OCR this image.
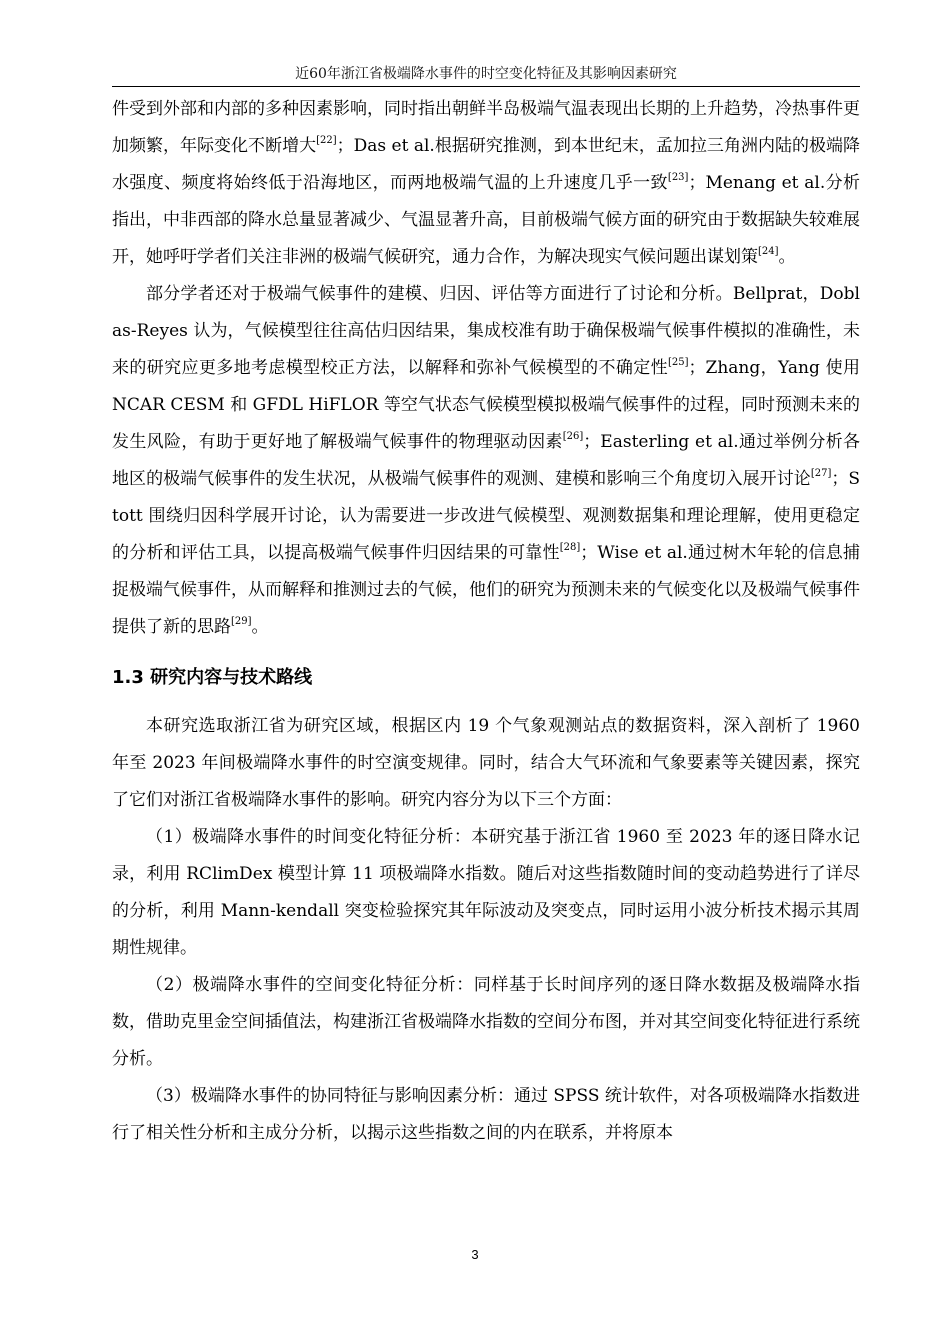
近60年浙江省极端降水事件的时空变化特征及其影响因素研究

件受到外部和内部的多种因素影响，同时指出朝鲜半岛极端气温表现出长期的上升趋势，冷热事件更加频繁，年际变化不断增大[22]；Das et al.根据研究推测，到本世纪末，孟加拉三角洲内陆的极端降水强度、频度将始终低于沿海地区，而两地极端气温的上升速度几乎一致[23]；Menang et al.分析指出，中非西部的降水总量显著减少、气温显著升高，目前极端气候方面的研究由于数据缺失较难展开，她呼吁学者们关注非洲的极端气候研究，通力合作，为解决现实气候问题出谋划策[24]。

部分学者还对于极端气候事件的建模、归因、评估等方面进行了讨论和分析。Bellprat，Doblas-Reyes 认为，气候模型往往高估归因结果，集成校准有助于确保极端气候事件模拟的准确性，未来的研究应更多地考虑模型校正方法，以解释和弥补气候模型的不确定性[25]；Zhang，Yang 使用 NCAR CESM 和 GFDL HiFLOR 等空气状态气候模型模拟极端气候事件的过程，同时预测未来的发生风险，有助于更好地了解极端气候事件的物理驱动因素[26]；Easterling et al.通过举例分析各地区的极端气候事件的发生状况，从极端气候事件的观测、建模和影响三个角度切入展开讨论[27]；Stott 围绕归因科学展开讨论，认为需要进一步改进气候模型、观测数据集和理论理解，使用更稳定的分析和评估工具，以提高极端气候事件归因结果的可靠性[28]；Wise et al.通过树木年轮的信息捕捉极端气候事件，从而解释和推测过去的气候，他们的研究为预测未来的气候变化以及极端气候事件提供了新的思路[29]。

1.3 研究内容与技术路线

本研究选取浙江省为研究区域，根据区内 19 个气象观测站点的数据资料，深入剖析了 1960 年至 2023 年间极端降水事件的时空演变规律。同时，结合大气环流和气象要素等关键因素，探究了它们对浙江省极端降水事件的影响。研究内容分为以下三个方面：

（1）极端降水事件的时间变化特征分析：本研究基于浙江省 1960 至 2023 年的逐日降水记录，利用 RClimDex 模型计算 11 项极端降水指数。随后对这些指数随时间的变动趋势进行了详尽的分析，利用 Mann-kendall 突变检验探究其年际波动及突变点，同时运用小波分析技术揭示其周期性规律。

（2）极端降水事件的空间变化特征分析：同样基于长时间序列的逐日降水数据及极端降水指数，借助克里金空间插值法，构建浙江省极端降水指数的空间分布图，并对其空间变化特征进行系统分析。

（3）极端降水事件的协同特征与影响因素分析：通过 SPSS 统计软件，对各项极端降水指数进行了相关性分析和主成分分析，以揭示这些指数之间的内在联系，并将原本

3
